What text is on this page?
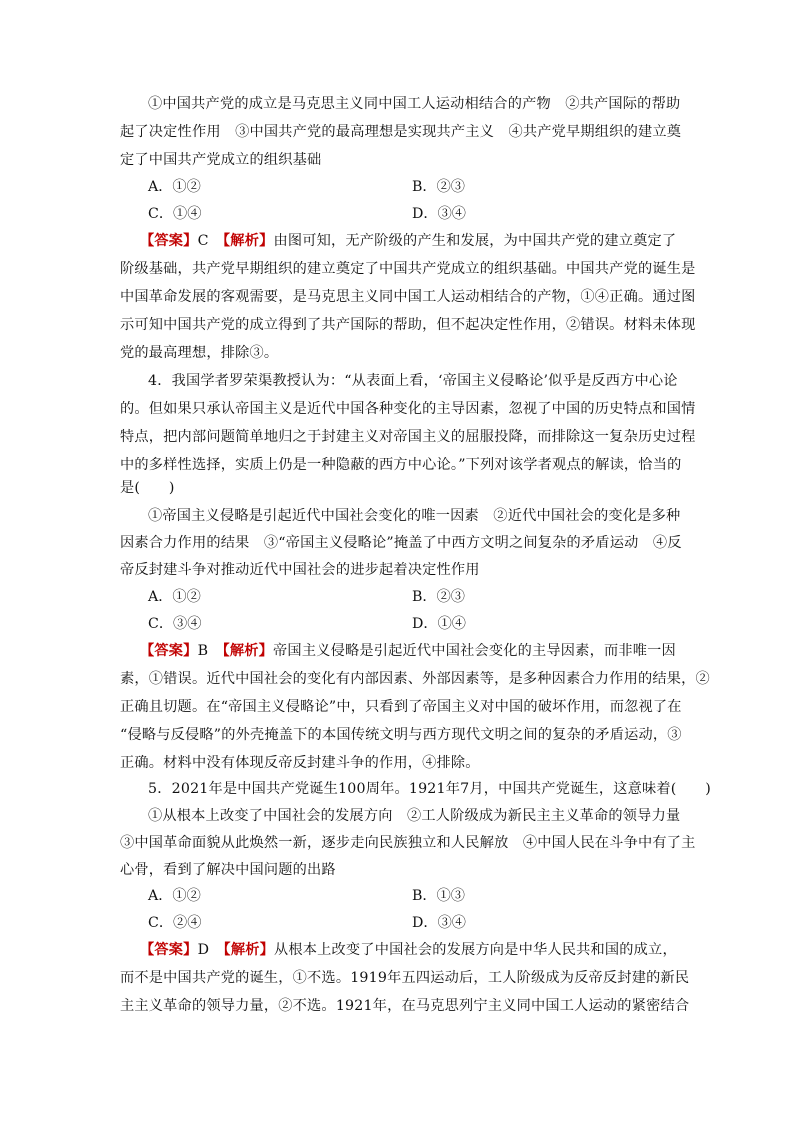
①中国共产党的成立是马克思主义同中国工人运动相结合的产物　②共产国际的帮助
起了决定性作用　③中国共产党的最高理想是实现共产主义　④共产党早期组织的建立奠
定了中国共产党成立的组织基础
A．①②	B．②③
C．①④	D．③④
【答案】C　 【解析】由图可知，无产阶级的产生和发展，为中国共产党的建立奠定了
阶级基础，共产党早期组织的建立奠定了中国共产党成立的组织基础。中国共产党的诞生是
中国革命发展的客观需要，是马克思主义同中国工人运动相结合的产物，①④正确。通过图
示可知中国共产党的成立得到了共产国际的帮助，但不起决定性作用，②错误。材料未体现
党的最高理想，排除③。
4．我国学者罗荣渠教授认为：“从表面上看，‘帝国主义侵略论’似乎是反西方中心论
的。但如果只承认帝国主义是近代中国各种变化的主导因素，忽视了中国的历史特点和国情
特点，把内部问题简单地归之于封建主义对帝国主义的屈服投降，而排除这一复杂历史过程
中的多样性选择，实质上仍是一种隐蔽的西方中心论。”下列对该学者观点的解读，恰当的
是(　　)
①帝国主义侵略是引起近代中国社会变化的唯一因素　②近代中国社会的变化是多种
因素合力作用的结果　③“帝国主义侵略论”掩盖了中西方文明之间复杂的矛盾运动　④反
帝反封建斗争对推动近代中国社会的进步起着决定性作用
A．①②	B．②③
C．③④	D．①④
【答案】B　 【解析】帝国主义侵略是引起近代中国社会变化的主导因素，而非唯一因
素，①错误。近代中国社会的变化有内部因素、外部因素等，是多种因素合力作用的结果，②
正确且切题。在“帝国主义侵略论”中，只看到了帝国主义对中国的破坏作用，而忽视了在
“侵略与反侵略”的外壳掩盖下的本国传统文明与西方现代文明之间的复杂的矛盾运动，③
正确。材料中没有体现反帝反封建斗争的作用，④排除。
5．2021年是中国共产党诞生100周年。1921年7月，中国共产党诞生，这意味着(　　)
①从根本上改变了中国社会的发展方向　②工人阶级成为新民主主义革命的领导力量
③中国革命面貌从此焕然一新，逐步走向民族独立和人民解放　④中国人民在斗争中有了主
心骨，看到了解决中国问题的出路
A．①②	B．①③
C．②④	D．③④
【答案】D　 【解析】从根本上改变了中国社会的发展方向是中华人民共和国的成立，
而不是中国共产党的诞生，①不选。1919年五四运动后，工人阶级成为反帝反封建的新民
主主义革命的领导力量，②不选。1921年，在马克思列宁主义同中国工人运动的紧密结合
